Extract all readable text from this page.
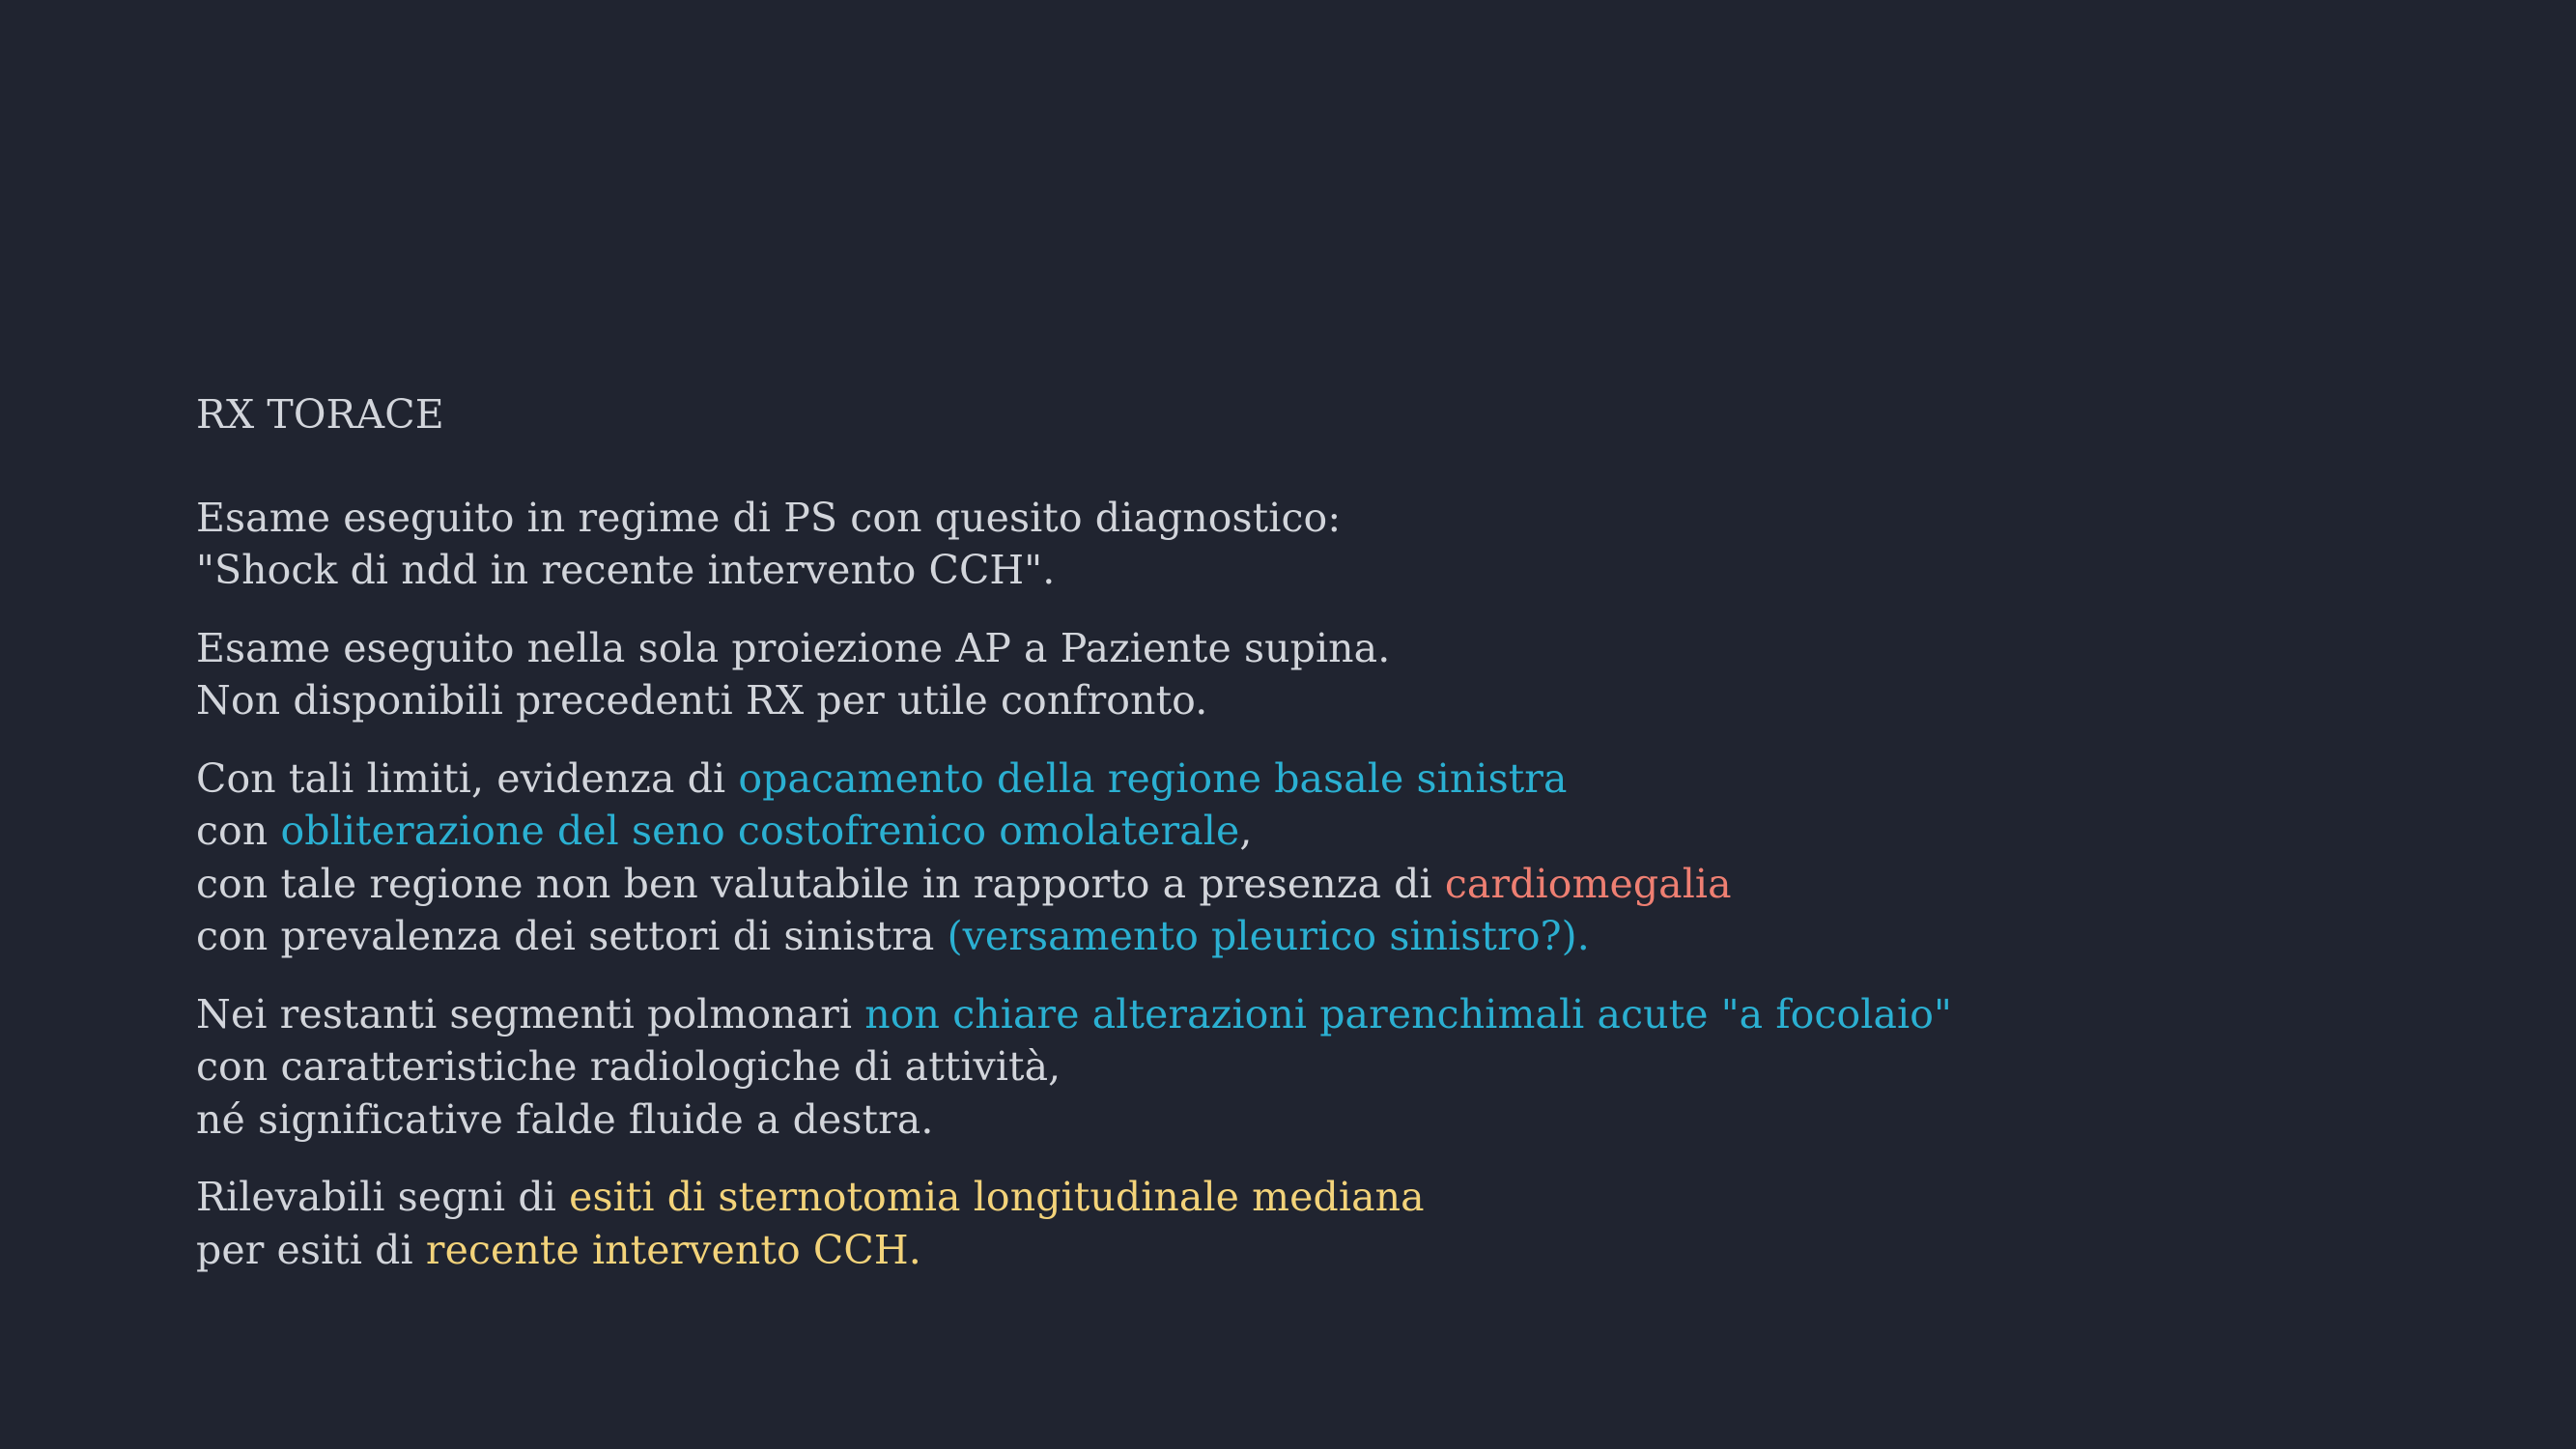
RX TORACE
Esame eseguito in regime di PS con quesito diagnostico:
"Shock di ndd in recente intervento CCH".
Esame eseguito nella sola proiezione AP a Paziente supina.
Non disponibili precedenti RX per utile confronto.
Con tali limiti, evidenza di opacamento della regione basale sinistra
con obliterazione del seno costofrenico omolaterale,
con tale regione non ben valutabile in rapporto a presenza di cardiomegalia
con prevalenza dei settori di sinistra (versamento pleurico sinistro?).
Nei restanti segmenti polmonari non chiare alterazioni parenchimali acute "a focolaio"
con caratteristiche radiologiche di attività,
né significative falde fluide a destra.
Rilevabili segni di esiti di sternotomia longitudinale mediana
per esiti di recente intervento CCH.
